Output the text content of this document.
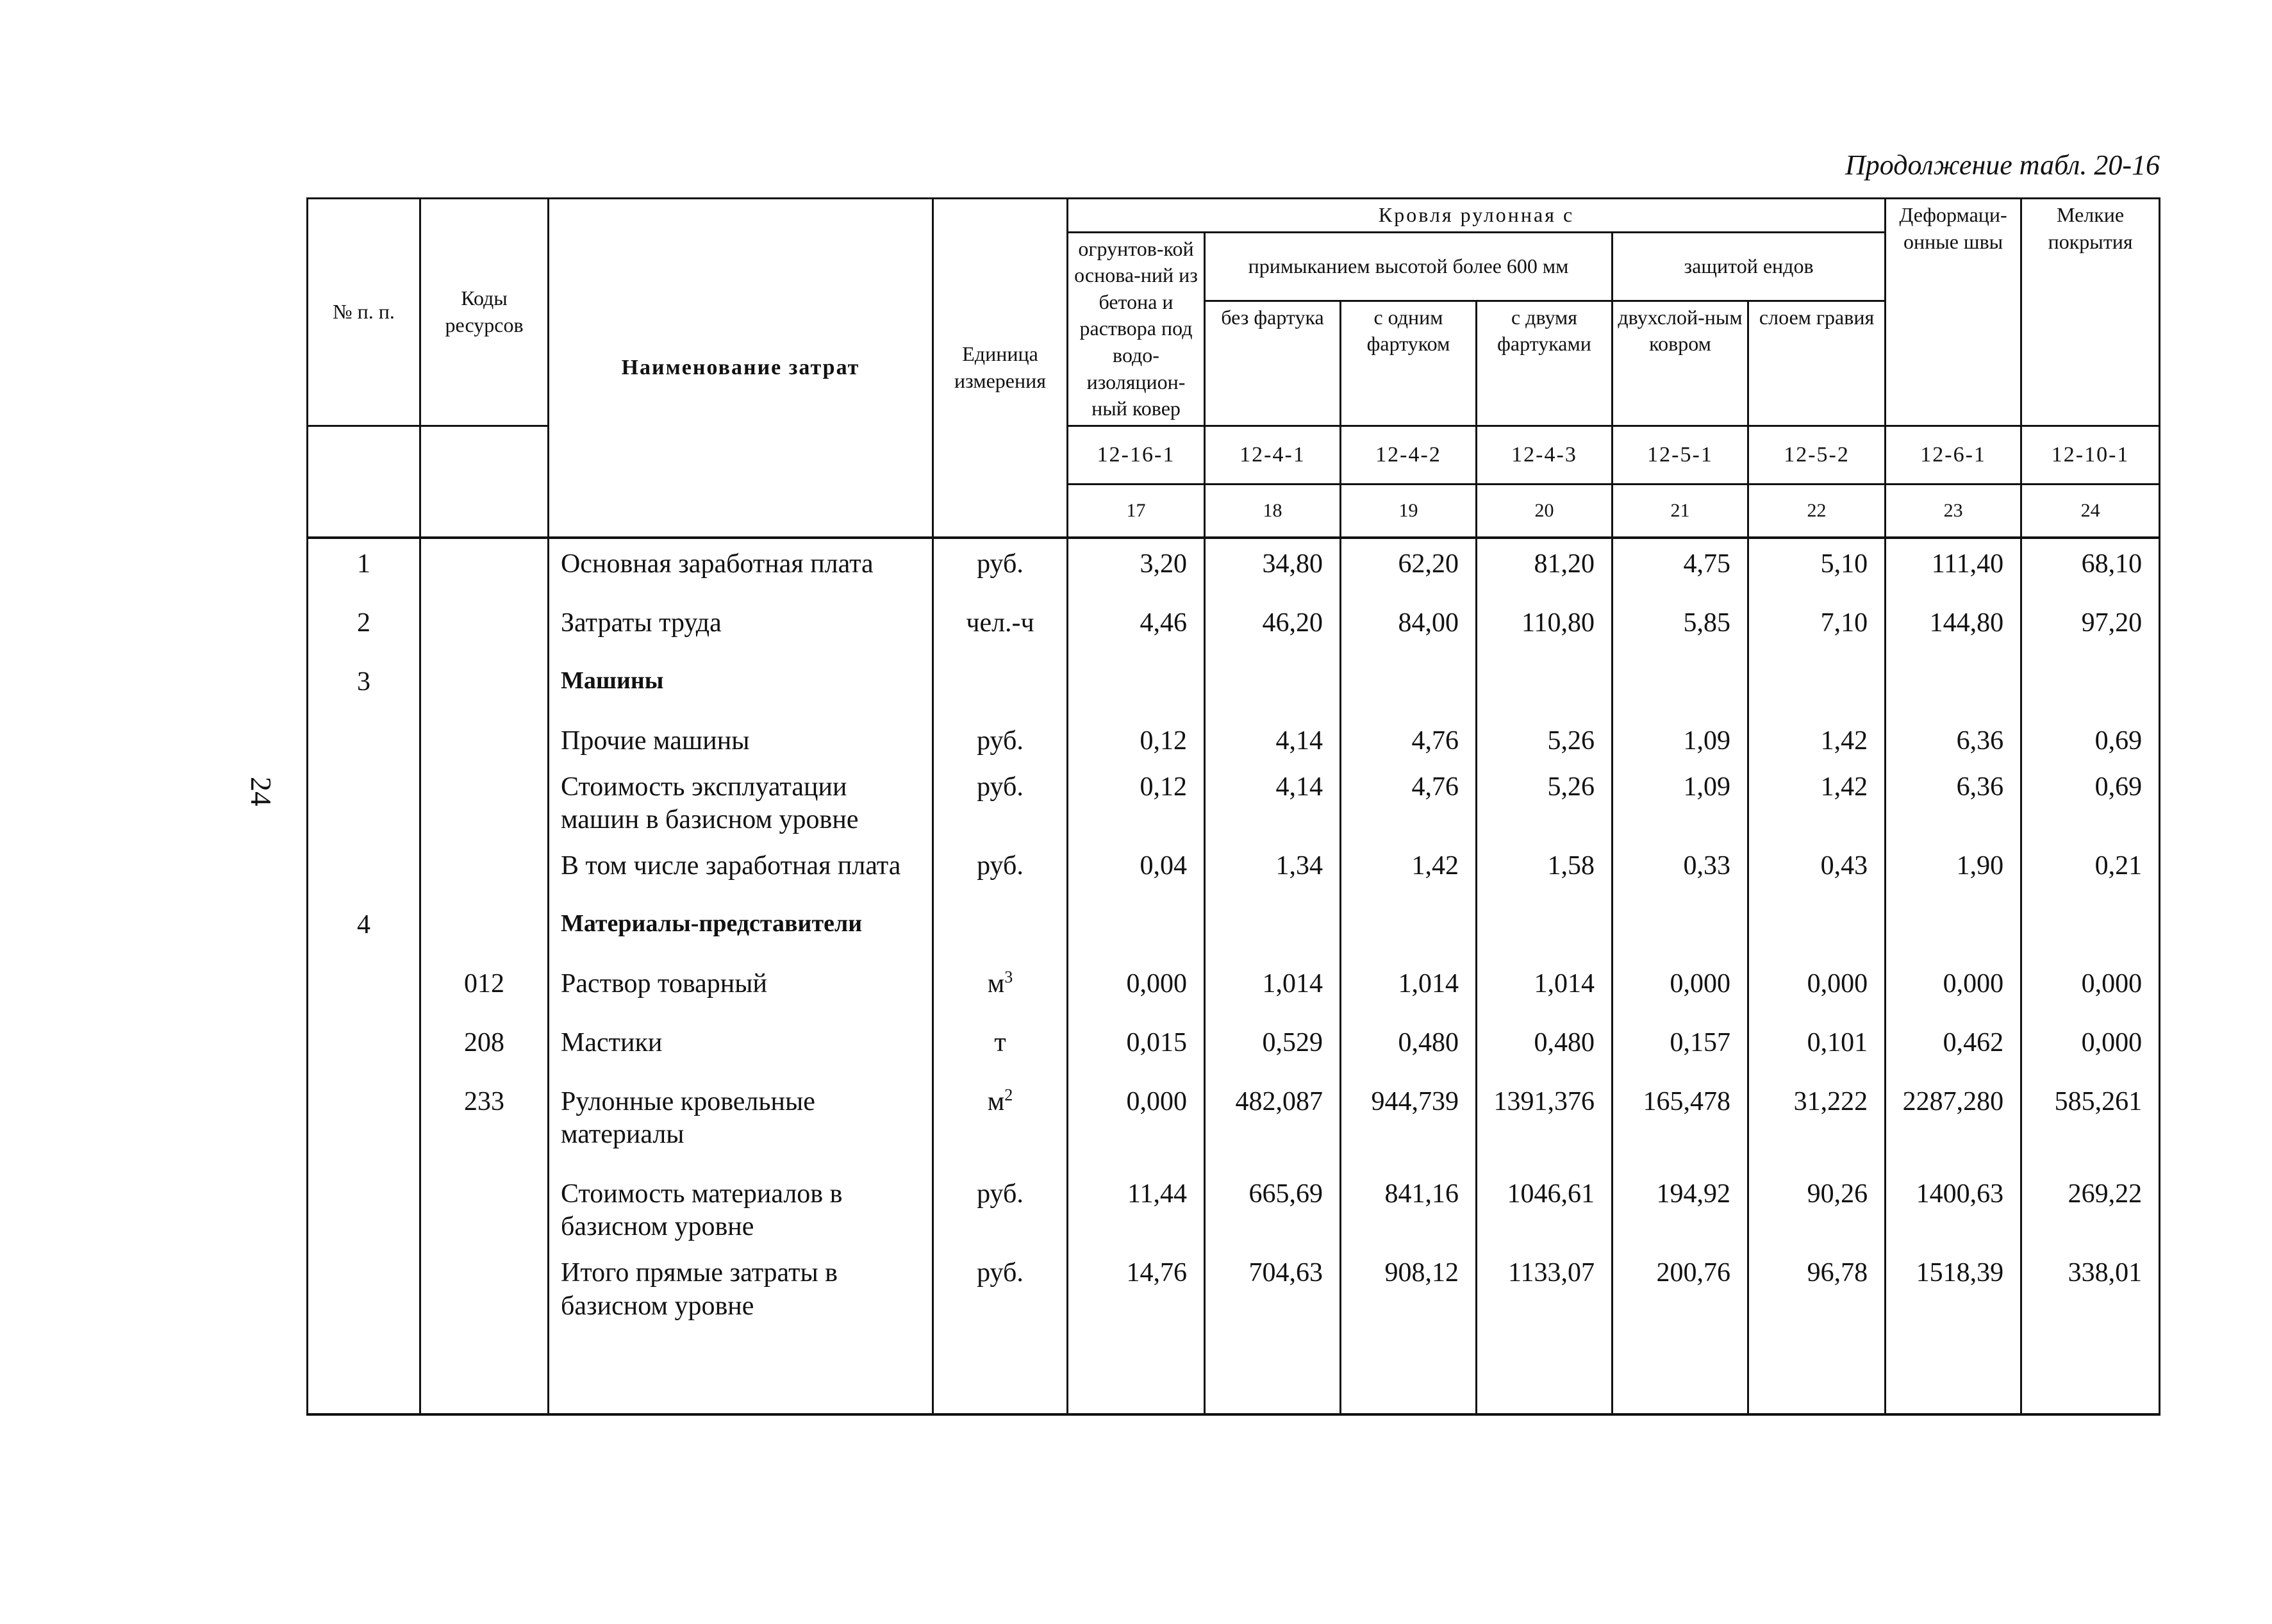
24
Продолжение табл. 20-16
№ п. п.	Коды ресурсов	Наименование затрат	Единица измерения	Кровля рулонная с						Деформаци-онные швы	Мелкие покрытия
				огрунтов-кой основа-ний из бетона и раствора под водо-изоляцион-ный ковер	примыканием высотой более 600 мм			защитой ендов			
					без фартука	с одним фартуком	с двумя фартуками	двухслой-ным ковром	слоем гравия		
				12-16-1	12-4-1	12-4-2	12-4-3	12-5-1	12-5-2	12-6-1	12-10-1
				17	18	19	20	21	22	23	24
1		Основная заработная плата	руб.	3,20	34,80	62,20	81,20	4,75	5,10	111,40	68,10
2		Затраты труда	чел.-ч	4,46	46,20	84,00	110,80	5,85	7,10	144,80	97,20
3		Машины									
		Прочие машины	руб.	0,12	4,14	4,76	5,26	1,09	1,42	6,36	0,69
		Стоимость эксплуатации машин в базисном уровне	руб.	0,12	4,14	4,76	5,26	1,09	1,42	6,36	0,69
		В том числе заработная плата	руб.	0,04	1,34	1,42	1,58	0,33	0,43	1,90	0,21
4		Материалы-представители									
	012	Раствор товарный	$м^3$	0,000	1,014	1,014	1,014	0,000	0,000	0,000	0,000
	208	Мастики	т	0,015	0,529	0,480	0,480	0,157	0,101	0,462	0,000
	233	Рулонные кровельные материалы	$м^2$	0,000	482,087	944,739	1391,376	165,478	31,222	2287,280	585,261
		Стоимость материалов в базисном уровне	руб.	11,44	665,69	841,16	1046,61	194,92	90,26	1400,63	269,22
		Итого прямые затраты в базисном уровне	руб.	14,76	704,63	908,12	1133,07	200,76	96,78	1518,39	338,01
